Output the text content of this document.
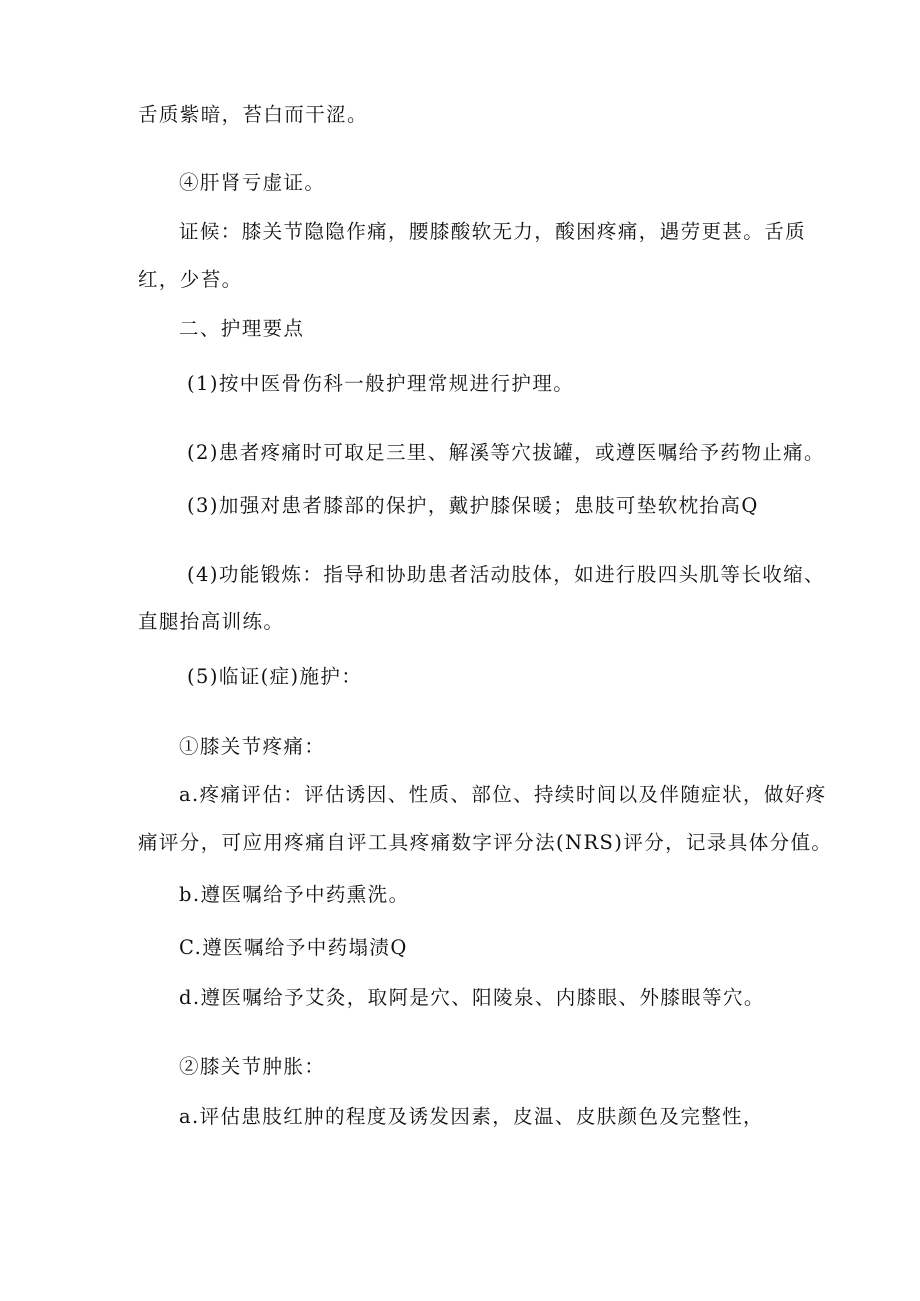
舌质紫暗，苔白而干涩。

④肝肾亏虚证。

证候：膝关节隐隐作痛，腰膝酸软无力，酸困疼痛，遇劳更甚。舌质

红，少苔。

二、护理要点

(1)按中医骨伤科一般护理常规进行护理。

(2)患者疼痛时可取足三里、解溪等穴拔罐，或遵医嘱给予药物止痛。

(3)加强对患者膝部的保护，戴护膝保暖；患肢可垫软枕抬高Q

(4)功能锻炼：指导和协助患者活动肢体，如进行股四头肌等长收缩、

直腿抬高训练。

(5)临证(症)施护：

①膝关节疼痛：

a.疼痛评估：评估诱因、性质、部位、持续时间以及伴随症状，做好疼

痛评分，可应用疼痛自评工具疼痛数字评分法(NRS)评分，记录具体分值。

b.遵医嘱给予中药熏洗。

C.遵医嘱给予中药塌渍Q

d.遵医嘱给予艾灸，取阿是穴、阳陵泉、内膝眼、外膝眼等穴。

②膝关节肿胀：

a.评估患肢红肿的程度及诱发因素，皮温、皮肤颜色及完整性，
